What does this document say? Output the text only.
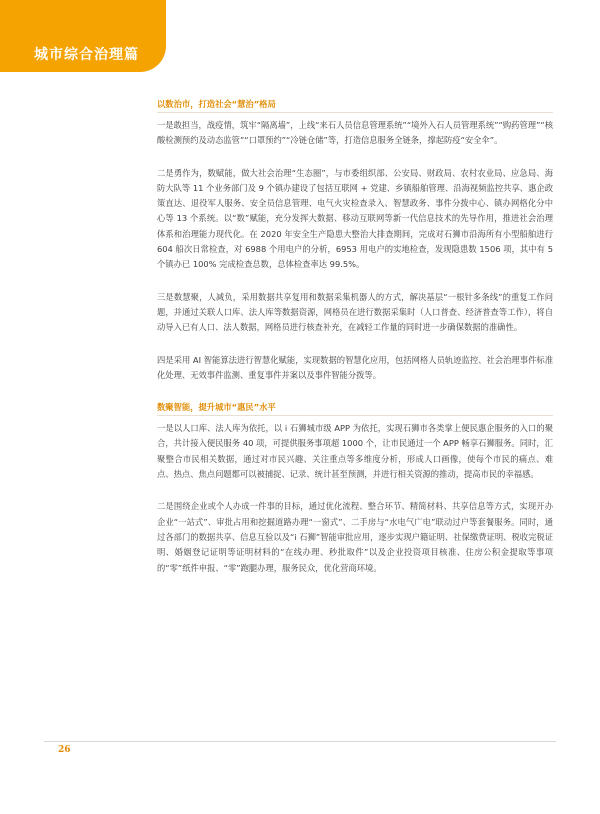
城市综合治理篇
以数治市，打造社会“慧治”格局

一是敢担当，战疫情，筑牢“隔离墙”，上线“来石人员信息管理系统”“境外入石人员管理系统”“购药管理”“核酸检测预约及动态监管”“口罩预约”“冷链仓储”等，打造信息服务全链条，撑起防疫“安全伞”。

二是勇作为，数赋能，做大社会治理“生态圈”，与市委组织部、公安局、财政局、农村农业局、应急局、海防大队等 11 个业务部门及 9 个镇办建设了包括互联网 + 党建、乡镇船舶管理、沿海视频监控共享、惠企政策直达、退役军人服务、安全员信息管理、电气火灾检查录入、智慧政务、事件分拨中心、镇办网格化分中心等 13 个系统。以“数”赋能，充分发挥大数据、移动互联网等新一代信息技术的先导作用，推进社会治理体系和治理能力现代化。在 2020 年安全生产隐患大整治大排查期间，完成对石狮市沿海所有小型船舶进行 604 船次日常检查，对 6988 个用电户的分析，6953 用电户的实地检查，发现隐患数 1506 项，其中有 5 个镇办已 100% 完成检查总数，总体检查率达 99.5%。

三是数慧聚，人减负，采用数据共享复用和数据采集机器人的方式，解决基层“一根针多条线”的重复工作问题，并通过关联人口库、法人库等数据资源，网格员在进行数据采集时（人口普查、经济普查等工作），将自动导入已有人口、法人数据，网格员进行核查补充，在减轻工作量的同时进一步确保数据的准确性。

四是采用 AI 智能算法进行智慧化赋能，实现数据的智慧化应用，包括网格人员轨迹监控、社会治理事件标准化处理、无效事件监测、重复事件并案以及事件智能分拨等。

数聚智能，提升城市“惠民”水平

一是以人口库、法人库为依托，以 i 石狮城市级 APP 为依托，实现石狮市各类掌上便民惠企服务的入口的聚合，共计接入便民服务 40 项，可提供服务事项超 1000 个，让市民通过一个 APP 畅享石狮服务。同时，汇聚整合市民相关数据，通过对市民兴趣、关注重点等多维度分析，形成人口画像，使每个市民的痛点、难点、热点、焦点问题都可以被捕捉、记录、统计甚至预测，并进行相关资源的推动，提高市民的幸福感。

二是围绕企业或个人办成一件事的目标，通过优化流程、整合环节、精简材料、共享信息等方式，实现开办企业“一站式”、审批占用和挖掘道路办理“一窗式”、二手房与“水电气广电”联动过户等套餐服务。同时，通过各部门的数据共享、信息互验以及“i 石狮”智能审批应用，逐步实现户籍证明、社保缴费证明、税收完税证明、婚姻登记证明等证明材料的“在线办理、秒批取件”以及企业投资项目核准、住房公积金提取等事项的“零”纸件申报、“零”跑腿办理，服务民众，优化营商环境。

26
